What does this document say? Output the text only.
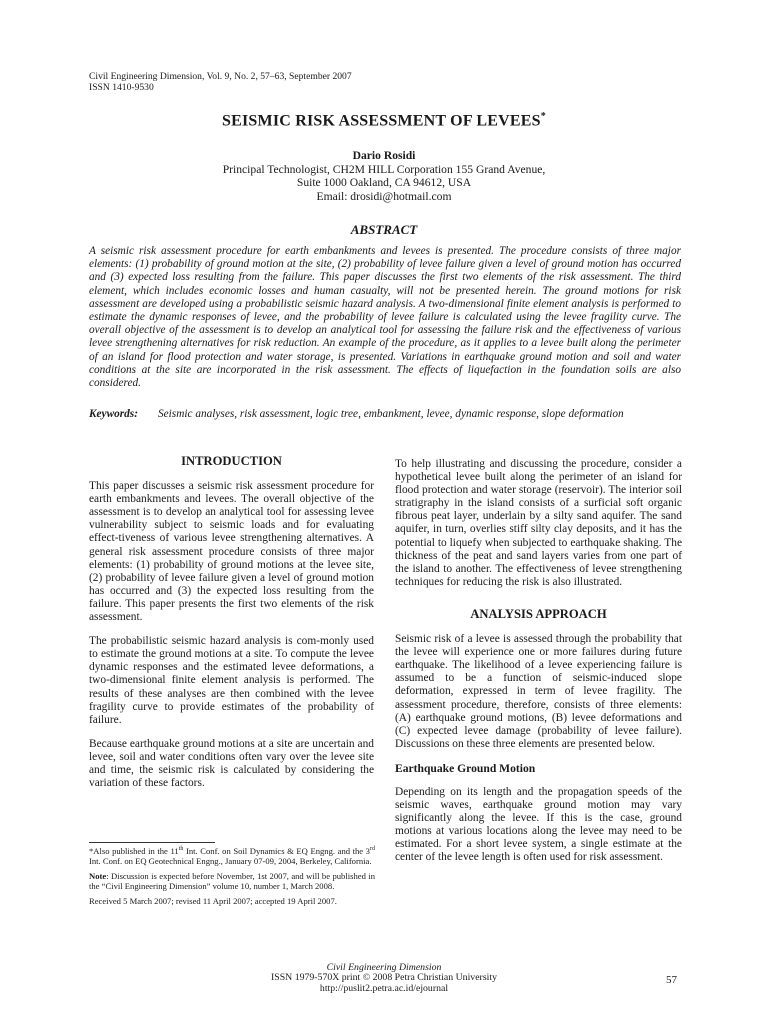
Civil Engineering Dimension, Vol. 9, No. 2, 57–63, September 2007
ISSN 1410-9530
SEISMIC RISK ASSESSMENT OF LEVEES*
Dario Rosidi
Principal Technologist, CH2M HILL Corporation 155 Grand Avenue,
Suite 1000 Oakland, CA 94612, USA
Email: drosidi@hotmail.com
ABSTRACT

A seismic risk assessment procedure for earth embankments and levees is presented. The procedure consists of three major elements: (1) probability of ground motion at the site, (2) probability of levee failure given a level of ground motion has occurred and (3) expected loss resulting from the failure. This paper discusses the first two elements of the risk assessment. The third element, which includes economic losses and human casualty, will not be presented herein. The ground motions for risk assessment are developed using a probabilistic seismic hazard analysis. A two-dimensional finite element analysis is performed to estimate the dynamic responses of levee, and the probability of levee failure is calculated using the levee fragility curve. The overall objective of the assessment is to develop an analytical tool for assessing the failure risk and the effectiveness of various levee strengthening alternatives for risk reduction. An example of the procedure, as it applies to a levee built along the perimeter of an island for flood protection and water storage, is presented. Variations in earthquake ground motion and soil and water conditions at the site are incorporated in the risk assessment. The effects of liquefaction in the foundation soils are also considered.

Keywords: Seismic analyses, risk assessment, logic tree, embankment, levee, dynamic response, slope deformation
INTRODUCTION

This paper discusses a seismic risk assessment procedure for earth embankments and levees. The overall objective of the assessment is to develop an analytical tool for assessing levee vulnerability subject to seismic loads and for evaluating effect-tiveness of various levee strengthening alternatives. A general risk assessment procedure consists of three major elements: (1) probability of ground motions at the levee site, (2) probability of levee failure given a level of ground motion has occurred and (3) the expected loss resulting from the failure. This paper presents the first two elements of the risk assessment.

The probabilistic seismic hazard analysis is com-monly used to estimate the ground motions at a site. To compute the levee dynamic responses and the estimated levee deformations, a two-dimensional finite element analysis is performed. The results of these analyses are then combined with the levee fragility curve to provide estimates of the probability of failure.

Because earthquake ground motions at a site are uncertain and levee, soil and water conditions often vary over the levee site and time, the seismic risk is calculated by considering the variation of these factors.

*Also published in the 11th Int. Conf. on Soil Dynamics & EQ Engng. and the 3rd Int. Conf. on EQ Geotechnical Engng., January 07-09, 2004, Berkeley, California.

Note: Discussion is expected before November, 1st 2007, and will be published in the “Civil Engineering Dimension” volume 10, number 1, March 2008.

Received 5 March 2007; revised 11 April 2007; accepted 19 April 2007.

To help illustrating and discussing the procedure, consider a hypothetical levee built along the perimeter of an island for flood protection and water storage (reservoir). The interior soil stratigraphy in the island consists of a surficial soft organic fibrous peat layer, underlain by a silty sand aquifer. The sand aquifer, in turn, overlies stiff silty clay deposits, and it has the potential to liquefy when subjected to earthquake shaking. The thickness of the peat and sand layers varies from one part of the island to another. The effectiveness of levee strengthening techniques for reducing the risk is also illustrated.

ANALYSIS APPROACH

Seismic risk of a levee is assessed through the probability that the levee will experience one or more failures during future earthquake. The likelihood of a levee experiencing failure is assumed to be a function of seismic-induced slope deformation, expressed in term of levee fragility. The assessment procedure, therefore, consists of three elements: (A) earthquake ground motions, (B) levee deformations and (C) expected levee damage (probability of levee failure). Discussions on these three elements are presented below.

Earthquake Ground Motion

Depending on its length and the propagation speeds of the seismic waves, earthquake ground motion may vary significantly along the levee. If this is the case, ground motions at various locations along the levee may need to be estimated. For a short levee system, a single estimate at the center of the levee length is often used for risk assessment.

Civil Engineering Dimension
ISSN 1979-570X print © 2008 Petra Christian University
http://puslit2.petra.ac.id/ejournal
57
